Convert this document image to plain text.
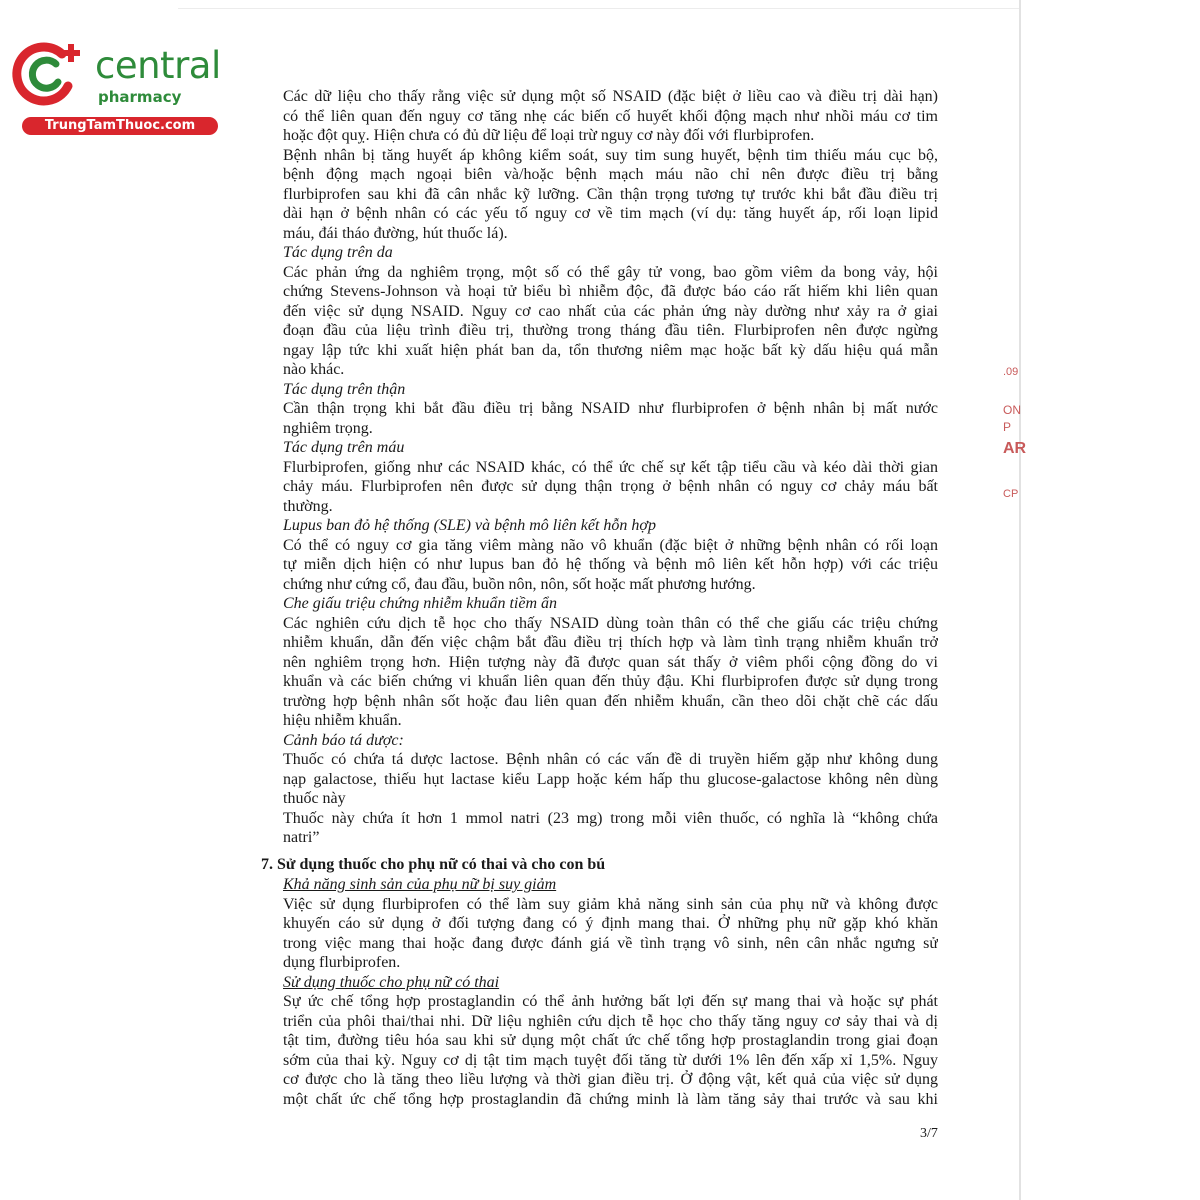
central
pharmacy
TrungTamThuoc.com
.09
ON
P
AR
CP
Các dữ liệu cho thấy rằng việc sử dụng một số NSAID (đặc biệt ở liều cao và điều trị dài hạn)
có thể liên quan đến nguy cơ tăng nhẹ các biến cố huyết khối động mạch như nhồi máu cơ tim
hoặc đột quỵ. Hiện chưa có đủ dữ liệu để loại trừ nguy cơ này đối với flurbiprofen.
Bệnh nhân bị tăng huyết áp không kiểm soát, suy tim sung huyết, bệnh tim thiếu máu cục bộ,
bệnh động mạch ngoại biên và/hoặc bệnh mạch máu não chỉ nên được điều trị bằng
flurbiprofen sau khi đã cân nhắc kỹ lưỡng. Cần thận trọng tương tự trước khi bắt đầu điều trị
dài hạn ở bệnh nhân có các yếu tố nguy cơ về tim mạch (ví dụ: tăng huyết áp, rối loạn lipid
máu, đái tháo đường, hút thuốc lá).
Tác dụng trên da
Các phản ứng da nghiêm trọng, một số có thể gây tử vong, bao gồm viêm da bong vảy, hội
chứng Stevens-Johnson và hoại tử biểu bì nhiễm độc, đã được báo cáo rất hiếm khi liên quan
đến việc sử dụng NSAID. Nguy cơ cao nhất của các phản ứng này dường như xảy ra ở giai
đoạn đầu của liệu trình điều trị, thường trong tháng đầu tiên. Flurbiprofen nên được ngừng
ngay lập tức khi xuất hiện phát ban da, tổn thương niêm mạc hoặc bất kỳ dấu hiệu quá mẫn
nào khác.
Tác dụng trên thận
Cần thận trọng khi bắt đầu điều trị bằng NSAID như flurbiprofen ở bệnh nhân bị mất nước
nghiêm trọng.
Tác dụng trên máu
Flurbiprofen, giống như các NSAID khác, có thể ức chế sự kết tập tiểu cầu và kéo dài thời gian
chảy máu. Flurbiprofen nên được sử dụng thận trọng ở bệnh nhân có nguy cơ chảy máu bất
thường.
Lupus ban đỏ hệ thống (SLE) và bệnh mô liên kết hỗn hợp
Có thể có nguy cơ gia tăng viêm màng não vô khuẩn (đặc biệt ở những bệnh nhân có rối loạn
tự miễn dịch hiện có như lupus ban đỏ hệ thống và bệnh mô liên kết hỗn hợp) với các triệu
chứng như cứng cổ, đau đầu, buồn nôn, nôn, sốt hoặc mất phương hướng.
Che giấu triệu chứng nhiễm khuẩn tiềm ẩn
Các nghiên cứu dịch tễ học cho thấy NSAID dùng toàn thân có thể che giấu các triệu chứng
nhiễm khuẩn, dẫn đến việc chậm bắt đầu điều trị thích hợp và làm tình trạng nhiễm khuẩn trở
nên nghiêm trọng hơn. Hiện tượng này đã được quan sát thấy ở viêm phổi cộng đồng do vi
khuẩn và các biến chứng vi khuẩn liên quan đến thủy đậu. Khi flurbiprofen được sử dụng trong
trường hợp bệnh nhân sốt hoặc đau liên quan đến nhiễm khuẩn, cần theo dõi chặt chẽ các dấu
hiệu nhiễm khuẩn.
Cảnh báo tá dược:
Thuốc có chứa tá dược lactose. Bệnh nhân có các vấn đề di truyền hiếm gặp như không dung
nạp galactose, thiếu hụt lactase kiểu Lapp hoặc kém hấp thu glucose-galactose không nên dùng
thuốc này
Thuốc này chứa ít hơn 1 mmol natri (23 mg) trong mỗi viên thuốc, có nghĩa là “không chứa
natri”
7. Sử dụng thuốc cho phụ nữ có thai và cho con bú
Khả năng sinh sản của phụ nữ bị suy giảm
Việc sử dụng flurbiprofen có thể làm suy giảm khả năng sinh sản của phụ nữ và không được
khuyến cáo sử dụng ở đối tượng đang có ý định mang thai. Ở những phụ nữ gặp khó khăn
trong việc mang thai hoặc đang được đánh giá về tình trạng vô sinh, nên cân nhắc ngưng sử
dụng flurbiprofen.
Sử dụng thuốc cho phụ nữ có thai
Sự ức chế tổng hợp prostaglandin có thể ảnh hưởng bất lợi đến sự mang thai và hoặc sự phát
triển của phôi thai/thai nhi. Dữ liệu nghiên cứu dịch tễ học cho thấy tăng nguy cơ sảy thai và dị
tật tim, đường tiêu hóa sau khi sử dụng một chất ức chế tổng hợp prostaglandin trong giai đoạn
sớm của thai kỳ. Nguy cơ dị tật tim mạch tuyệt đối tăng từ dưới 1% lên đến xấp xỉ 1,5%. Nguy
cơ được cho là tăng theo liều lượng và thời gian điều trị. Ở động vật, kết quả của việc sử dụng
một chất ức chế tổng hợp prostaglandin đã chứng minh là làm tăng sảy thai trước và sau khi
3/7
